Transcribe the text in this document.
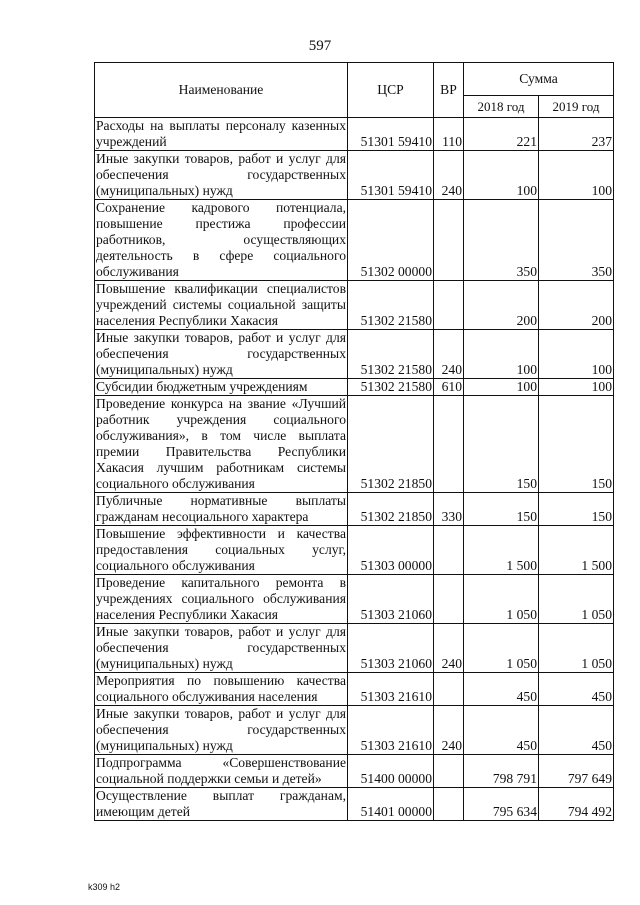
597
Наименование	ЦСР	ВР	Сумма	
			2018 год	2019 год
Расходы на выплаты персоналу казенных учреждений	51301 59410	110	221	237
Иные закупки товаров, работ и услуг для обеспечения государственных (муниципальных) нужд	51301 59410	240	100	100
Сохранение кадрового потенциала, повышение престижа профессии работников, осуществляющих деятельность в сфере социального обслуживания	51302 00000		350	350
Повышение квалификации специалистов учреждений системы социальной защиты населения Республики Хакасия	51302 21580		200	200
Иные закупки товаров, работ и услуг для обеспечения государственных (муниципальных) нужд	51302 21580	240	100	100
Субсидии бюджетным учреждениям	51302 21580	610	100	100
Проведение конкурса на звание «Лучший работник учреждения социального обслуживания», в том числе выплата премии Правительства Республики Хакасия лучшим работникам системы социального обслуживания	51302 21850		150	150
Публичные нормативные выплаты гражданам несоциального характера	51302 21850	330	150	150
Повышение эффективности и качества предоставления социальных услуг, социального обслуживания	51303 00000		1 500	1 500
Проведение капитального ремонта в учреждениях социального обслуживания населения Республики Хакасия	51303 21060		1 050	1 050
Иные закупки товаров, работ и услуг для обеспечения государственных (муниципальных) нужд	51303 21060	240	1 050	1 050
Мероприятия по повышению качества социального обслуживания населения	51303 21610		450	450
Иные закупки товаров, работ и услуг для обеспечения государственных (муниципальных) нужд	51303 21610	240	450	450
Подпрограмма «Совершенствование социальной поддержки семьи и детей»	51400 00000		798 791	797 649
Осуществление выплат гражданам, имеющим детей	51401 00000		795 634	794 492
k309 h2
